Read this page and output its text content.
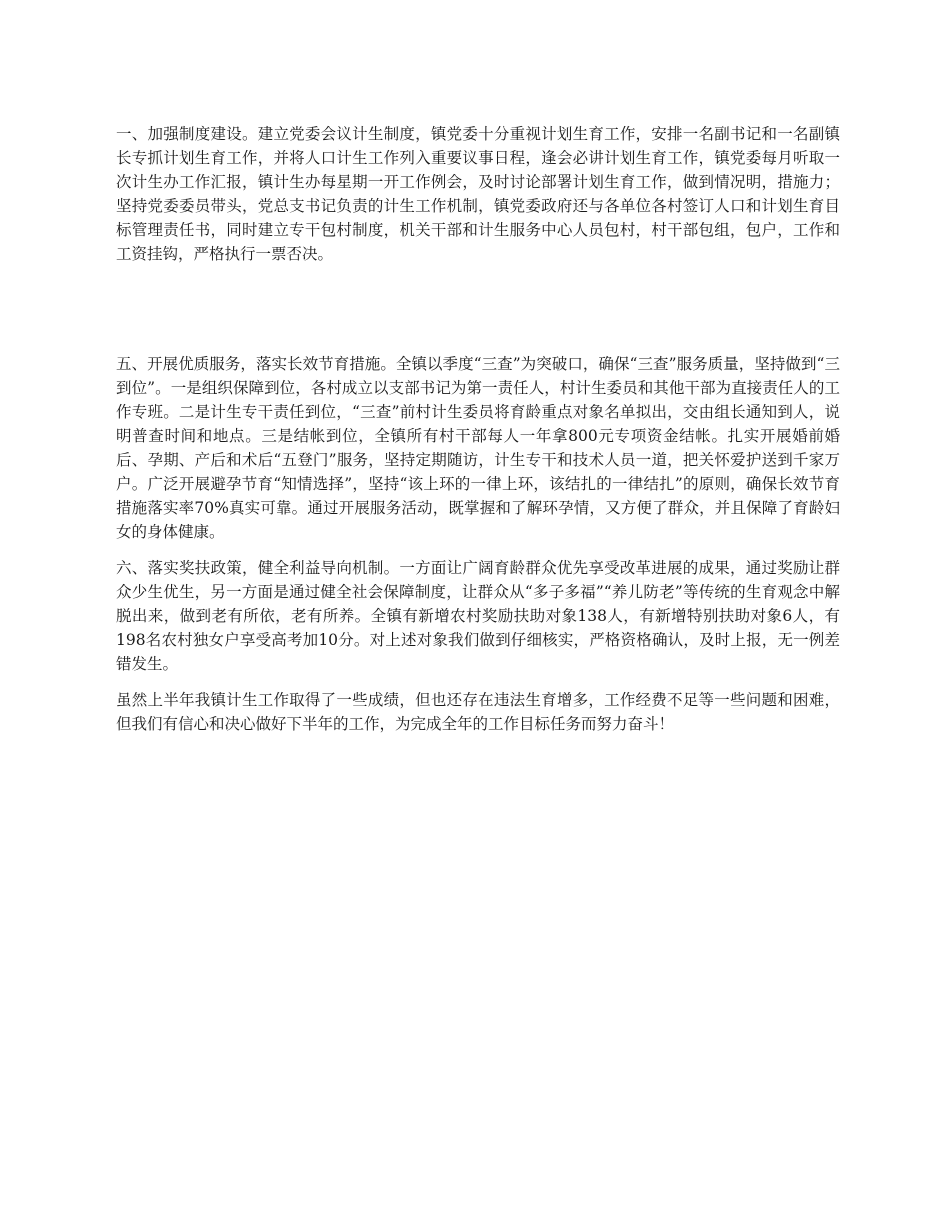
一、加强制度建设。建立党委会议计生制度，镇党委十分重视计划生育工作，安排一名副书记和一名副镇长专抓计划生育工作，并将人口计生工作列入重要议事日程，逢会必讲计划生育工作，镇党委每月听取一次计生办工作汇报，镇计生办每星期一开工作例会，及时讨论部署计划生育工作，做到情况明，措施力；坚持党委委员带头，党总支书记负责的计生工作机制，镇党委政府还与各单位各村签订人口和计划生育目标管理责任书，同时建立专干包村制度，机关干部和计生服务中心人员包村，村干部包组，包户，工作和工资挂钩，严格执行一票否决。

五、开展优质服务，落实长效节育措施。全镇以季度“三查”为突破口，确保“三查”服务质量，坚持做到“三到位”。一是组织保障到位，各村成立以支部书记为第一责任人，村计生委员和其他干部为直接责任人的工作专班。二是计生专干责任到位，“三查”前村计生委员将育龄重点对象名单拟出，交由组长通知到人，说明普查时间和地点。三是结帐到位，全镇所有村干部每人一年拿800元专项资金结帐。扎实开展婚前婚后、孕期、产后和术后“五登门”服务，坚持定期随访，计生专干和技术人员一道，把关怀爱护送到千家万户。广泛开展避孕节育“知情选择”，坚持“该上环的一律上环，该结扎的一律结扎”的原则，确保长效节育措施落实率70%真实可靠。通过开展服务活动，既掌握和了解环孕情，又方便了群众，并且保障了育龄妇女的身体健康。

六、落实奖扶政策，健全利益导向机制。一方面让广阔育龄群众优先享受改革进展的成果，通过奖励让群众少生优生，另一方面是通过健全社会保障制度，让群众从“多子多福”“养儿防老”等传统的生育观念中解脱出来，做到老有所依，老有所养。全镇有新增农村奖励扶助对象138人，有新增特别扶助对象6人，有198名农村独女户享受高考加10分。对上述对象我们做到仔细核实，严格资格确认，及时上报，无一例差错发生。

虽然上半年我镇计生工作取得了一些成绩，但也还存在违法生育增多，工作经费不足等一些问题和困难，但我们有信心和决心做好下半年的工作，为完成全年的工作目标任务而努力奋斗！
